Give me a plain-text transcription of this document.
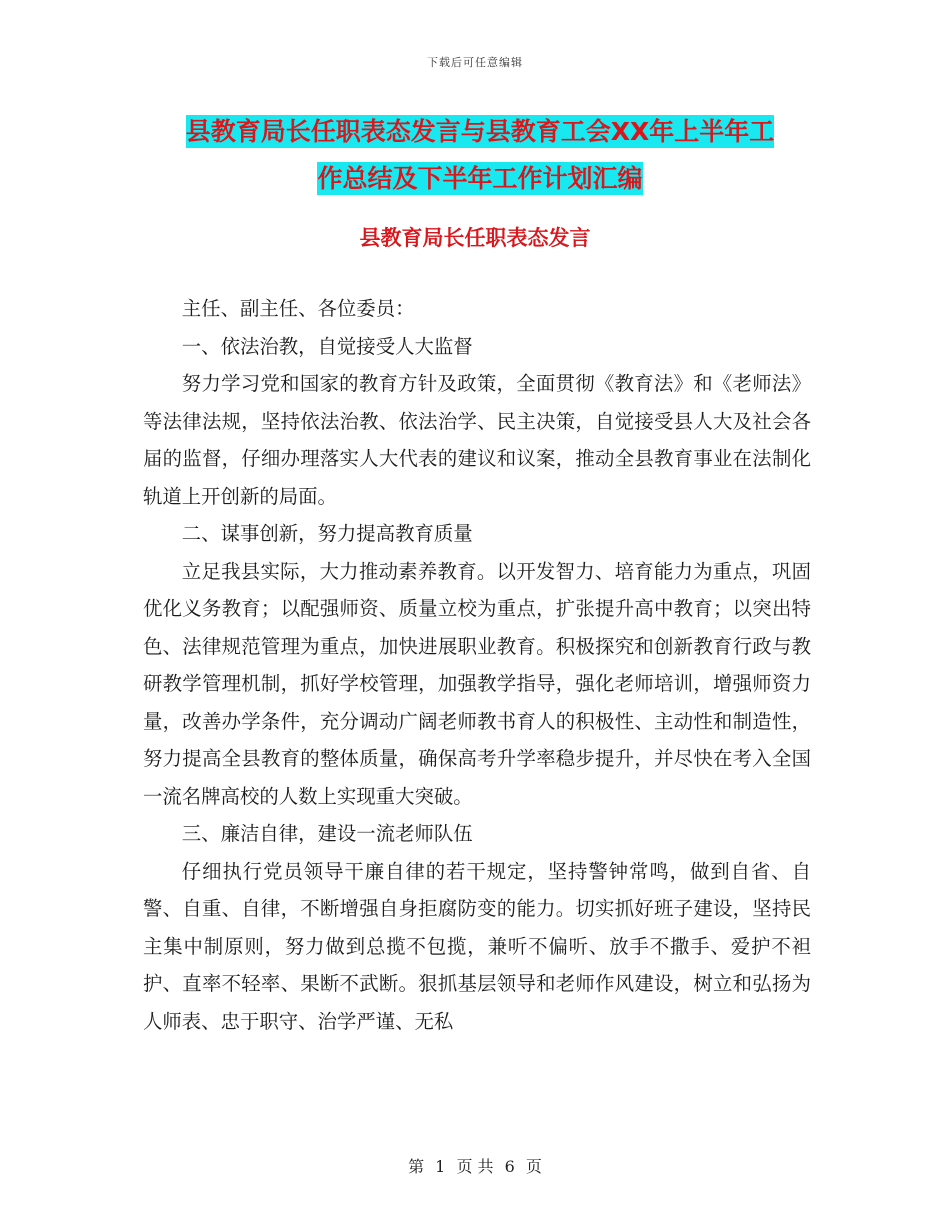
下载后可任意编辑
县教育局长任职表态发言与县教育工会XX年上半年工
作总结及下半年工作计划汇编
县教育局长任职表态发言

主任、副主任、各位委员：

一、依法治教，自觉接受人大监督

努力学习党和国家的教育方针及政策，全面贯彻《教育法》和《老师法》等法律法规，坚持依法治教、依法治学、民主决策，自觉接受县人大及社会各届的监督，仔细办理落实人大代表的建议和议案，推动全县教育事业在法制化轨道上开创新的局面。

二、谋事创新，努力提高教育质量

立足我县实际，大力推动素养教育。以开发智力、培育能力为重点，巩固优化义务教育；以配强师资、质量立校为重点，扩张提升高中教育；以突出特色、法律规范管理为重点，加快进展职业教育。积极探究和创新教育行政与教研教学管理机制，抓好学校管理，加强教学指导，强化老师培训，增强师资力量，改善办学条件，充分调动广阔老师教书育人的积极性、主动性和制造性，努力提高全县教育的整体质量，确保高考升学率稳步提升，并尽快在考入全国一流名牌高校的人数上实现重大突破。

三、廉洁自律，建设一流老师队伍

仔细执行党员领导干廉自律的若干规定，坚持警钟常鸣，做到自省、自警、自重、自律，不断增强自身拒腐防变的能力。切实抓好班子建设，坚持民主集中制原则，努力做到总揽不包揽，兼听不偏听、放手不撒手、爱护不袒护、直率不轻率、果断不武断。狠抓基层领导和老师作风建设，树立和弘扬为人师表、忠于职守、治学严谨、无私

第 1 页 共 6 页
